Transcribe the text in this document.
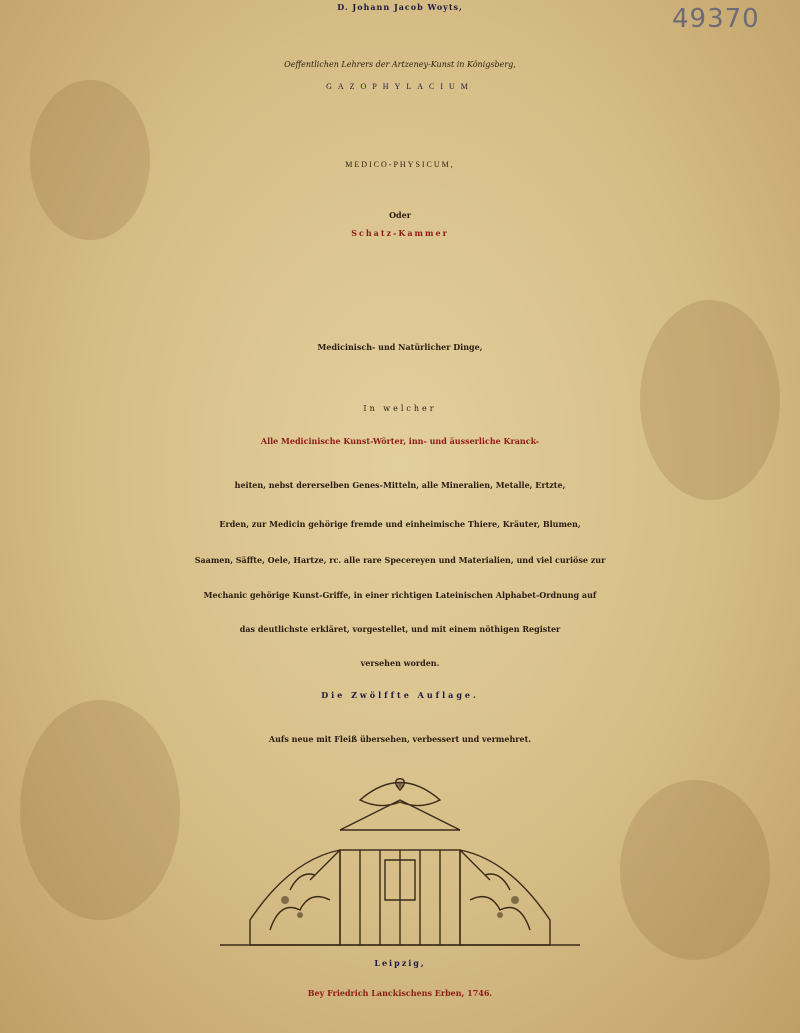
49370
D. Johann Jacob Woyts,
Oeffentlichen Lehrers der Artzeney-Kunst in Königsberg,
GAZOPHYLACIUM
MEDICO-PHYSICUM,
Oder
Schatz-Kammer
Medicinisch- und Natürlicher Dinge,
In welcher
Alle Medicinische Kunst-Wörter, inn- und äusserliche Kranck-
heiten, nebst dererselben Genes-Mitteln, alle Mineralien, Metalle, Ertzte,
Erden, zur Medicin gehörige fremde und einheimische Thiere, Kräuter, Blumen,
Saamen, Säffte, Oele, Hartze, rc. alle rare Specereyen und Materialien, und viel curiöse zur
Mechanic gehörige Kunst-Griffe, in einer richtigen Lateinischen Alphabet-Ordnung auf
das deutlichste erkläret, vorgestellet, und mit einem nöthigen Register
versehen worden.
Die Zwölffte Auflage.
Aufs neue mit Fleiß übersehen, verbessert und vermehret.
Leipzig,
Bey Friedrich Lanckischens Erben, 1746.
